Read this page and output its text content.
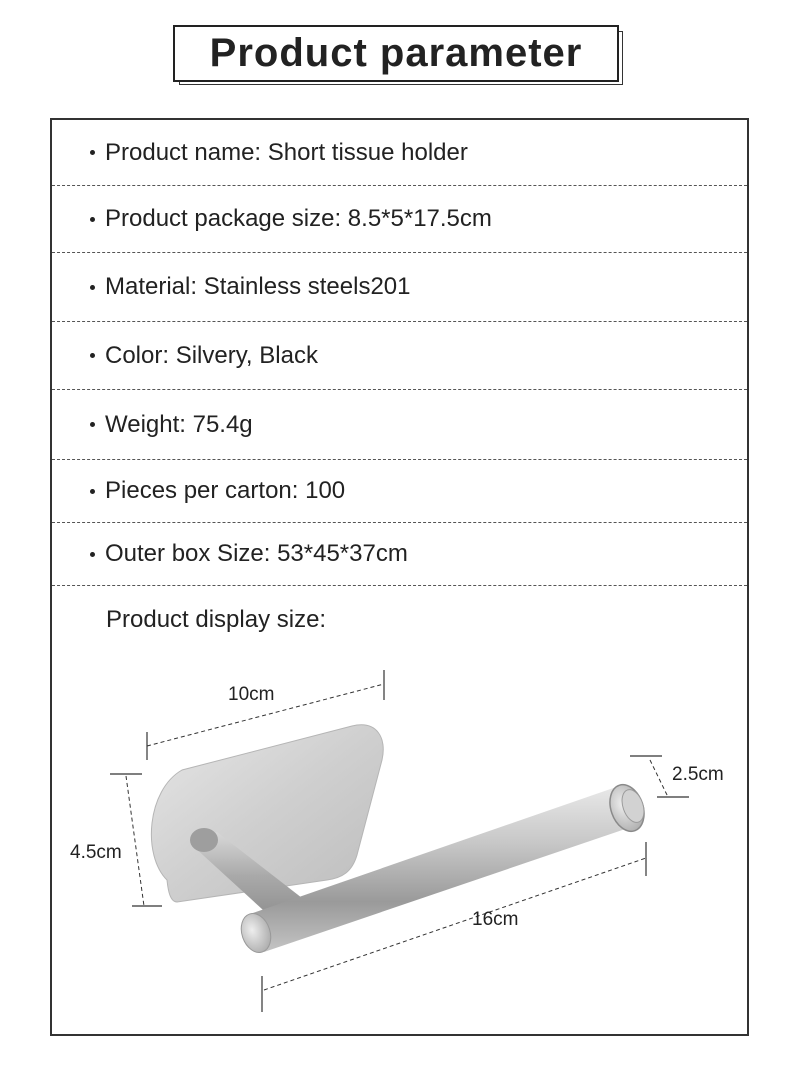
Product parameter
Product name: Short tissue holder
Product package size: 8.5*5*17.5cm
Material: Stainless steels201
Color: Silvery, Black
Weight: 75.4g
Pieces per carton: 100
Outer box Size: 53*45*37cm
Product display size:
10cm
4.5cm
2.5cm
16cm
